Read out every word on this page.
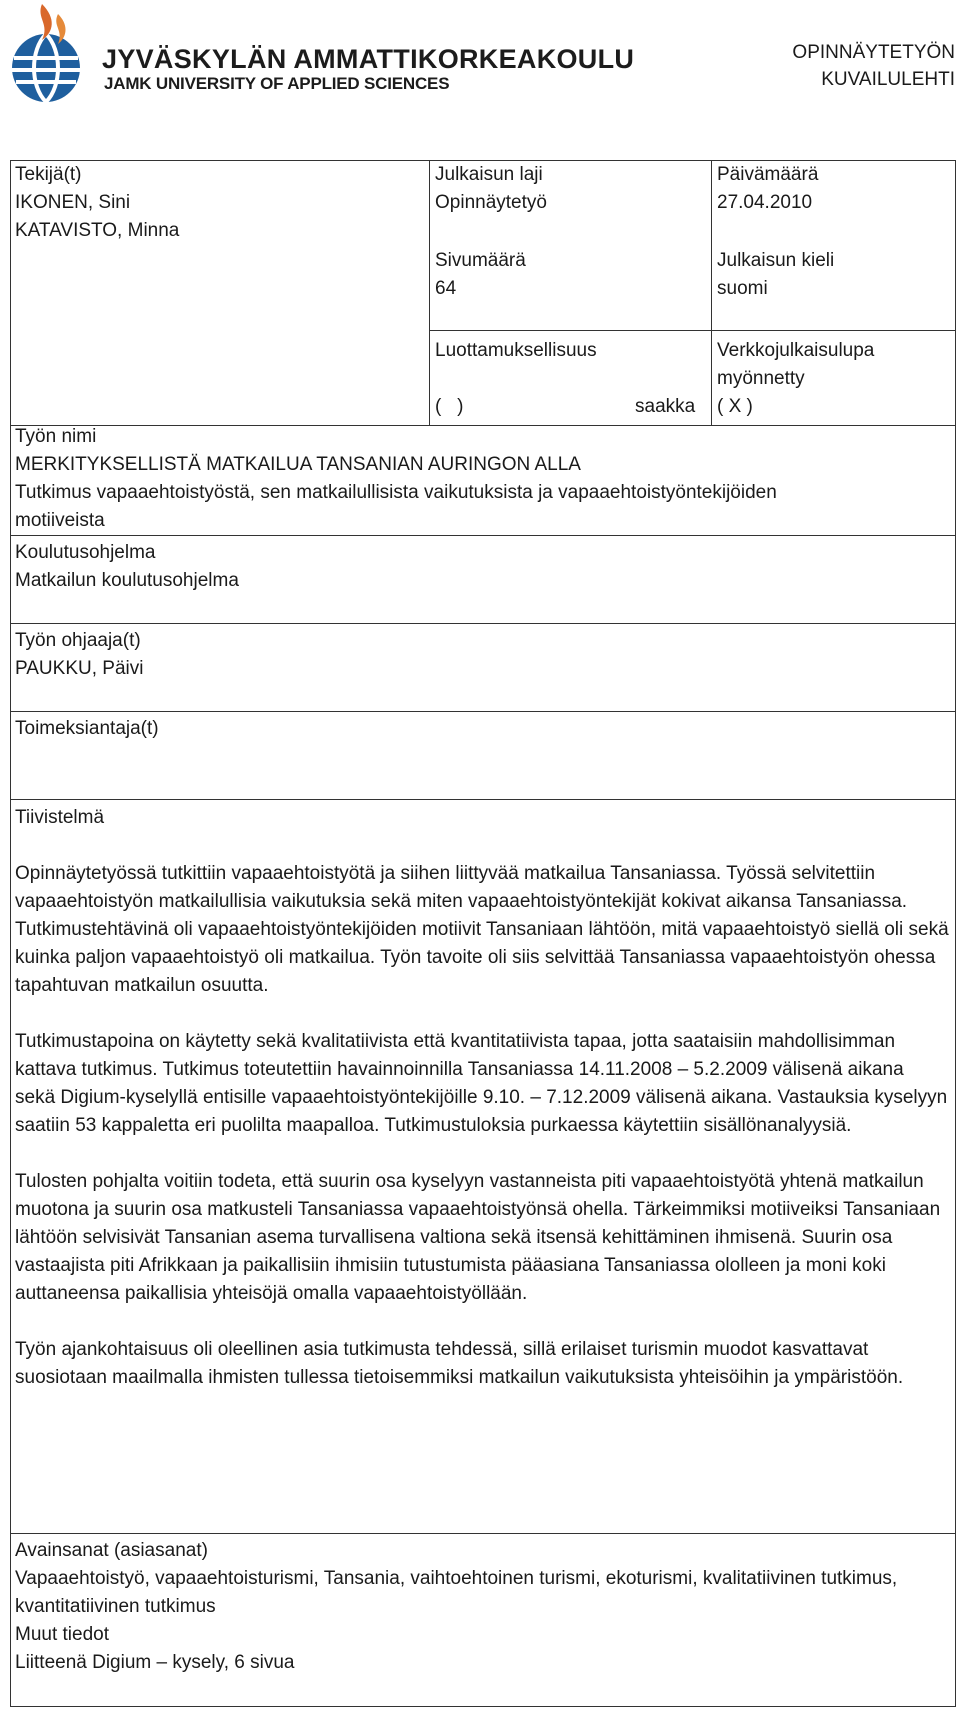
JYVÄSKYLÄN AMMATTIKORKEAKOULU
JAMK UNIVERSITY OF APPLIED SCIENCES
OPINNÄYTETYÖN
KUVAILULEHTI
Tekijä(t)
IKONEN, Sini
KATAVISTO, Minna
Julkaisun laji
Opinnäytetyö
Päivämäärä
27.04.2010
Sivumäärä
64
Julkaisun kieli
suomi
Luottamuksellisuus
(   )	saakka
Verkkojulkaisulupa
myönnetty
( X )
Työn nimi
MERKITYKSELLISTÄ MATKAILUA TANSANIAN AURINGON ALLA
Tutkimus vapaaehtoistyöstä, sen matkailullisista vaikutuksista ja vapaaehtoistyöntekijöiden
motiiveista
Koulutusohjelma
Matkailun koulutusohjelma
Työn ohjaaja(t)
PAUKKU, Päivi
Toimeksiantaja(t)
Tiivistelmä

Opinnäytetyössä tutkittiin vapaaehtoistyötä ja siihen liittyvää matkailua Tansaniassa. Työssä selvitettiin vapaaehtoistyön matkailullisia vaikutuksia sekä miten vapaaehtoistyöntekijät kokivat aikansa Tansaniassa. Tutkimustehtävinä oli vapaaehtoistyöntekijöiden motiivit Tansaniaan lähtöön, mitä vapaaehtoistyö siellä oli sekä kuinka paljon vapaaehtoistyö oli matkailua. Työn tavoite oli siis selvittää Tansaniassa vapaaehtoistyön ohessa tapahtuvan matkailun osuutta.

Tutkimustapoina on käytetty sekä kvalitatiivista että kvantitatiivista tapaa, jotta saataisiin mahdollisimman kattava tutkimus. Tutkimus toteutettiin havainnoinnilla Tansaniassa 14.11.2008 – 5.2.2009 välisenä aikana sekä Digium-kyselyllä entisille vapaaehtoistyöntekijöille 9.10. – 7.12.2009 välisenä aikana. Vastauksia kyselyyn saatiin 53 kappaletta eri puolilta maapalloa. Tutkimustuloksia purkaessa käytettiin sisällönanalyysiä.

Tulosten pohjalta voitiin todeta, että suurin osa kyselyyn vastanneista piti vapaaehtoistyötä yhtenä matkailun muotona ja suurin osa matkusteli Tansaniassa vapaaehtoistyönsä ohella. Tärkeimmiksi motiiveiksi Tansaniaan lähtöön selvisivät Tansanian asema turvallisena valtiona sekä itsensä kehittäminen ihmisenä. Suurin osa vastaajista piti Afrikkaan ja paikallisiin ihmisiin tutustumista pääasiana Tansaniassa ololleen ja moni koki auttaneensa paikallisia yhteisöjä omalla vapaaehtoistyöllään.

Työn ajankohtaisuus oli oleellinen asia tutkimusta tehdessä, sillä erilaiset turismin muodot kasvattavat suosiotaan maailmalla ihmisten tullessa tietoisemmiksi matkailun vaikutuksista yhteisöihin ja ympäristöön.

Avainsanat (asiasanat)
Vapaaehtoistyö, vapaaehtoisturismi, Tansania, vaihtoehtoinen turismi, ekoturismi, kvalitatiivinen tutkimus, kvantitatiivinen tutkimus
Muut tiedot
Liitteenä Digium – kysely, 6 sivua
